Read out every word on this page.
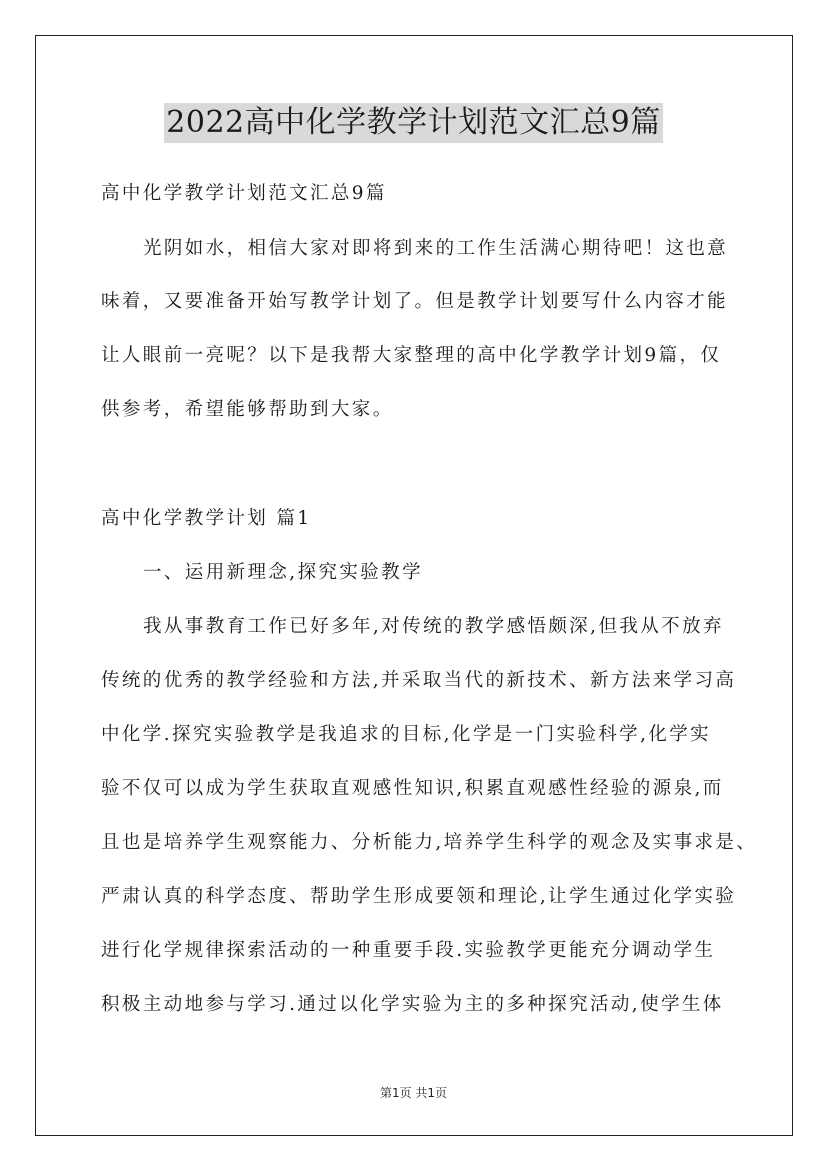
2022高中化学教学计划范文汇总9篇

高中化学教学计划范文汇总9篇

光阴如水，相信大家对即将到来的工作生活满心期待吧！这也意

味着，又要准备开始写教学计划了。但是教学计划要写什么内容才能

让人眼前一亮呢？以下是我帮大家整理的高中化学教学计划9篇，仅

供参考，希望能够帮助到大家。

高中化学教学计划 篇1

一、运用新理念,探究实验教学

我从事教育工作已好多年,对传统的教学感悟颇深,但我从不放弃

传统的优秀的教学经验和方法,并采取当代的新技术、新方法来学习高

中化学.探究实验教学是我追求的目标,化学是一门实验科学,化学实

验不仅可以成为学生获取直观感性知识,积累直观感性经验的源泉,而

且也是培养学生观察能力、分析能力,培养学生科学的观念及实事求是、

严肃认真的科学态度、帮助学生形成要领和理论,让学生通过化学实验

进行化学规律探索活动的一种重要手段.实验教学更能充分调动学生

积极主动地参与学习.通过以化学实验为主的多种探究活动,使学生体

第1页 共1页
